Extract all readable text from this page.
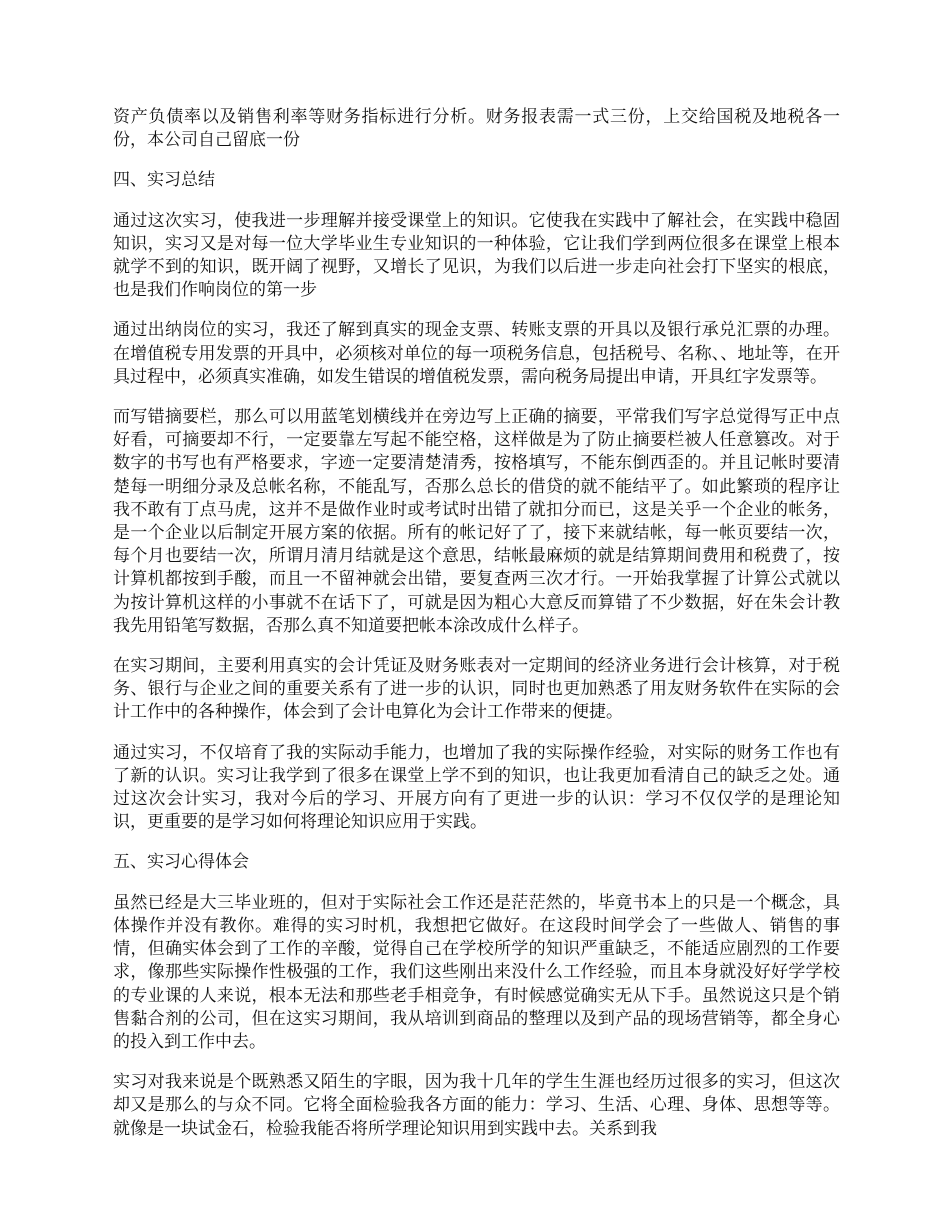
资产负债率以及销售利率等财务指标进行分析。财务报表需一式三份，上交给国税及地税各一份，本公司自己留底一份

四、实习总结

通过这次实习，使我进一步理解并接受课堂上的知识。它使我在实践中了解社会，在实践中稳固知识，实习又是对每一位大学毕业生专业知识的一种体验，它让我们学到两位很多在课堂上根本就学不到的知识，既开阔了视野，又增长了见识，为我们以后进一步走向社会打下坚实的根底，也是我们作响岗位的第一步

通过出纳岗位的实习，我还了解到真实的现金支票、转账支票的开具以及银行承兑汇票的办理。在增值税专用发票的开具中，必须核对单位的每一项税务信息，包括税号、名称、、地址等，在开具过程中，必须真实准确，如发生错误的增值税发票，需向税务局提出申请，开具红字发票等。

而写错摘要栏，那么可以用蓝笔划横线并在旁边写上正确的摘要，平常我们写字总觉得写正中点好看，可摘要却不行，一定要靠左写起不能空格，这样做是为了防止摘要栏被人任意篡改。对于数字的书写也有严格要求，字迹一定要清楚清秀，按格填写，不能东倒西歪的。并且记帐时要清楚每一明细分录及总帐名称，不能乱写，否那么总长的借贷的就不能结平了。如此繁琐的程序让我不敢有丁点马虎，这并不是做作业时或考试时出错了就扣分而已，这是关乎一个企业的帐务，是一个企业以后制定开展方案的依据。所有的帐记好了了，接下来就结帐，每一帐页要结一次，每个月也要结一次，所谓月清月结就是这个意思，结帐最麻烦的就是结算期间费用和税费了，按计算机都按到手酸，而且一不留神就会出错，要复查两三次才行。一开始我掌握了计算公式就以为按计算机这样的小事就不在话下了，可就是因为粗心大意反而算错了不少数据，好在朱会计教我先用铅笔写数据，否那么真不知道要把帐本涂改成什么样子。

在实习期间，主要利用真实的会计凭证及财务账表对一定期间的经济业务进行会计核算，对于税务、银行与企业之间的重要关系有了进一步的认识，同时也更加熟悉了用友财务软件在实际的会计工作中的各种操作，体会到了会计电算化为会计工作带来的便捷。

通过实习，不仅培育了我的实际动手能力，也增加了我的实际操作经验，对实际的财务工作也有了新的认识。实习让我学到了很多在课堂上学不到的知识，也让我更加看清自己的缺乏之处。通过这次会计实习，我对今后的学习、开展方向有了更进一步的认识：学习不仅仅学的是理论知识，更重要的是学习如何将理论知识应用于实践。

五、实习心得体会

虽然已经是大三毕业班的，但对于实际社会工作还是茫茫然的，毕竟书本上的只是一个概念，具体操作并没有教你。难得的实习时机，我想把它做好。在这段时间学会了一些做人、销售的事情，但确实体会到了工作的辛酸，觉得自己在学校所学的知识严重缺乏，不能适应剧烈的工作要求，像那些实际操作性极强的工作，我们这些刚出来没什么工作经验，而且本身就没好好学学校的专业课的人来说，根本无法和那些老手相竞争，有时候感觉确实无从下手。虽然说这只是个销售黏合剂的公司，但在这实习期间，我从培训到商品的整理以及到产品的现场营销等，都全身心的投入到工作中去。

实习对我来说是个既熟悉又陌生的字眼，因为我十几年的学生生涯也经历过很多的实习，但这次却又是那么的与众不同。它将全面检验我各方面的能力：学习、生活、心理、身体、思想等等。就像是一块试金石，检验我能否将所学理论知识用到实践中去。关系到我
